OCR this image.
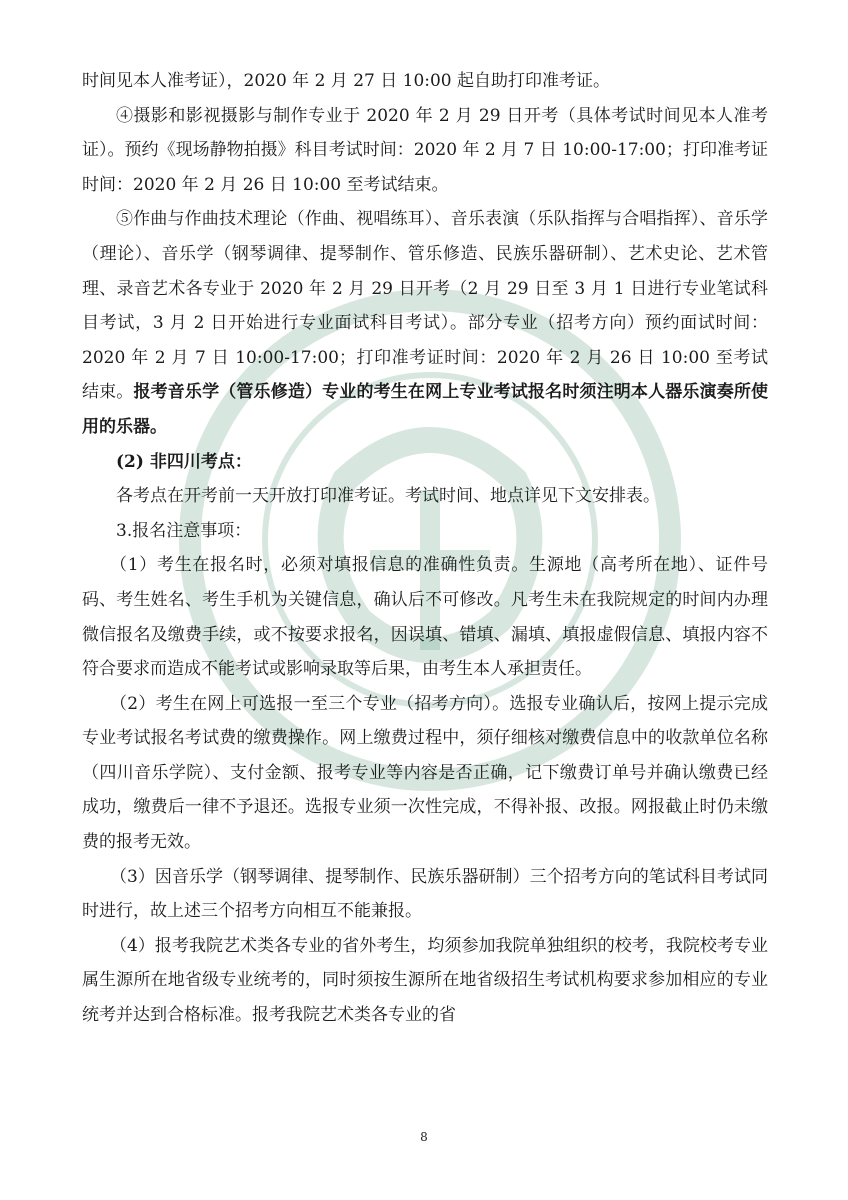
时间见本人准考证），2020 年 2 月 27 日 10:00 起自助打印准考证。

④摄影和影视摄影与制作专业于 2020 年 2 月 29 日开考（具体考试时间见本人准考证）。预约《现场静物拍摄》科目考试时间：2020 年 2 月 7 日 10:00-17:00；打印准考证时间：2020 年 2 月 26 日 10:00 至考试结束。

⑤作曲与作曲技术理论（作曲、视唱练耳）、音乐表演（乐队指挥与合唱指挥）、音乐学（理论）、音乐学（钢琴调律、提琴制作、管乐修造、民族乐器研制）、艺术史论、艺术管理、录音艺术各专业于 2020 年 2 月 29 日开考（2 月 29 日至 3 月 1 日进行专业笔试科目考试，3 月 2 日开始进行专业面试科目考试）。部分专业（招考方向）预约面试时间：2020 年 2 月 7 日 10:00-17:00；打印准考证时间：2020 年 2 月 26 日 10:00 至考试结束。报考音乐学（管乐修造）专业的考生在网上专业考试报名时须注明本人器乐演奏所使用的乐器。

(2) 非四川考点：

各考点在开考前一天开放打印准考证。考试时间、地点详见下文安排表。

3.报名注意事项：

（1）考生在报名时，必须对填报信息的准确性负责。生源地（高考所在地）、证件号码、考生姓名、考生手机为关键信息，确认后不可修改。凡考生未在我院规定的时间内办理微信报名及缴费手续，或不按要求报名，因误填、错填、漏填、填报虚假信息、填报内容不符合要求而造成不能考试或影响录取等后果，由考生本人承担责任。

（2）考生在网上可选报一至三个专业（招考方向）。选报专业确认后，按网上提示完成专业考试报名考试费的缴费操作。网上缴费过程中，须仔细核对缴费信息中的收款单位名称（四川音乐学院）、支付金额、报考专业等内容是否正确，记下缴费订单号并确认缴费已经成功，缴费后一律不予退还。选报专业须一次性完成，不得补报、改报。网报截止时仍未缴费的报考无效。

（3）因音乐学（钢琴调律、提琴制作、民族乐器研制）三个招考方向的笔试科目考试同时进行，故上述三个招考方向相互不能兼报。

（4）报考我院艺术类各专业的省外考生，均须参加我院单独组织的校考，我院校考专业属生源所在地省级专业统考的，同时须按生源所在地省级招生考试机构要求参加相应的专业统考并达到合格标准。报考我院艺术类各专业的省

8
